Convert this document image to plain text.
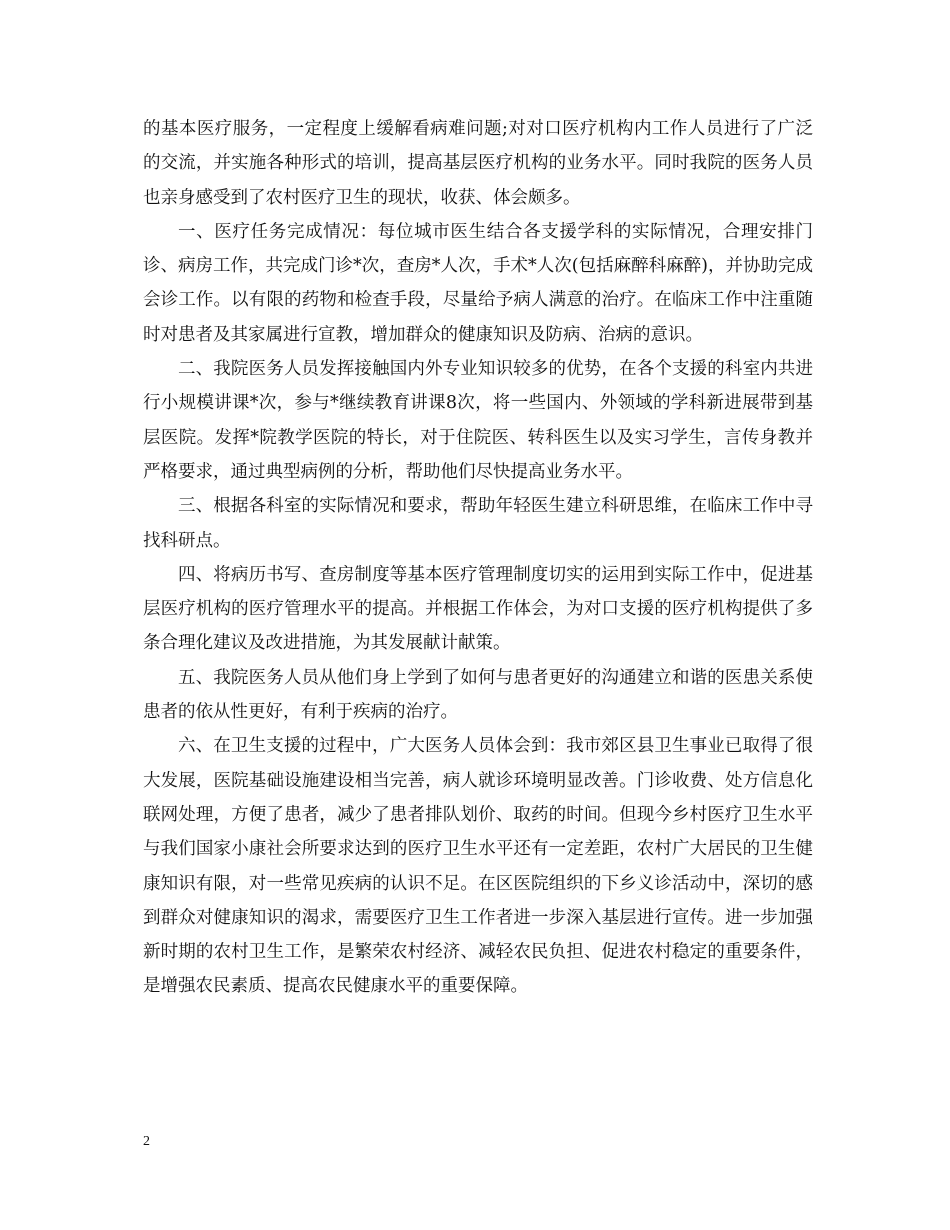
的基本医疗服务，一定程度上缓解看病难问题;对对口医疗机构内工作人员进行了广泛的交流，并实施各种形式的培训，提高基层医疗机构的业务水平。同时我院的医务人员也亲身感受到了农村医疗卫生的现状，收获、体会颇多。

一、医疗任务完成情况：每位城市医生结合各支援学科的实际情况，合理安排门诊、病房工作，共完成门诊*次，查房*人次，手术*人次(包括麻醉科麻醉)，并协助完成会诊工作。以有限的药物和检查手段，尽量给予病人满意的治疗。在临床工作中注重随时对患者及其家属进行宣教，增加群众的健康知识及防病、治病的意识。

二、我院医务人员发挥接触国内外专业知识较多的优势，在各个支援的科室内共进行小规模讲课*次，参与*继续教育讲课8次，将一些国内、外领域的学科新进展带到基层医院。发挥*院教学医院的特长，对于住院医、转科医生以及实习学生，言传身教并严格要求，通过典型病例的分析，帮助他们尽快提高业务水平。

三、根据各科室的实际情况和要求，帮助年轻医生建立科研思维，在临床工作中寻找科研点。

四、将病历书写、查房制度等基本医疗管理制度切实的运用到实际工作中，促进基层医疗机构的医疗管理水平的提高。并根据工作体会，为对口支援的医疗机构提供了多条合理化建议及改进措施，为其发展献计献策。

五、我院医务人员从他们身上学到了如何与患者更好的沟通建立和谐的医患关系使患者的依从性更好，有利于疾病的治疗。

六、在卫生支援的过程中，广大医务人员体会到：我市郊区县卫生事业已取得了很大发展，医院基础设施建设相当完善，病人就诊环境明显改善。门诊收费、处方信息化联网处理，方便了患者，减少了患者排队划价、取药的时间。但现今乡村医疗卫生水平与我们国家小康社会所要求达到的医疗卫生水平还有一定差距，农村广大居民的卫生健康知识有限，对一些常见疾病的认识不足。在区医院组织的下乡义诊活动中，深切的感到群众对健康知识的渴求，需要医疗卫生工作者进一步深入基层进行宣传。进一步加强新时期的农村卫生工作，是繁荣农村经济、减轻农民负担、促进农村稳定的重要条件，是增强农民素质、提高农民健康水平的重要保障。

2
